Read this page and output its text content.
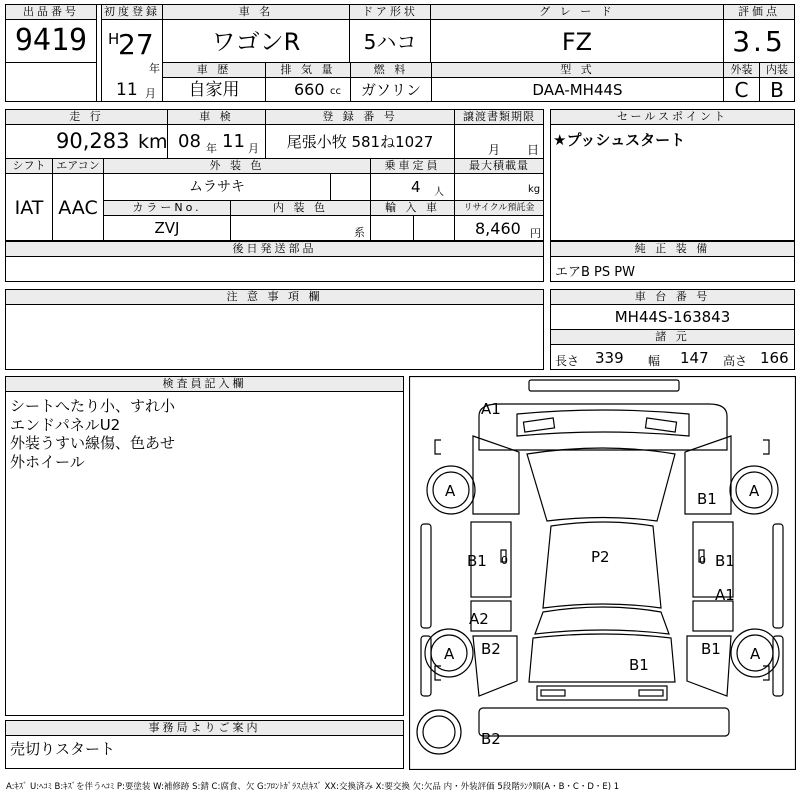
出品番号
9419
初度登録
H
27
年
11 月
車 名
ワゴンR
ドア形状
5ハコ
グ レ ー ド
FZ
評価点
3.5
車 歴
自家用
排 気 量
660 cc
燃 料
ガソリン
型 式
DAA-MH44S
外装	内装
C	B
走 行
90,283 km
車 検
08 年 11 月
登 録 番 号
尾張小牧 581ね1027
譲渡書類期限
月 日
シフト
IAT
エアコン
AAC
外 装 色
ムラサキ
乗車定員
4 人
最大積載量
kg
カラーNo.
ZVJ
内 装 色
系
輸 入 車	リサイクル預託金
8,460 円
セールスポイント
★プッシュスタート
後日発送部品	純 正 装 備
エアB PS PW
注 意 事 項 欄	車 台 番 号
MH44S-163843
諸 元
長さ 339 幅 147 高さ 166
検査員記入欄
シートへたり小、すれ小
エンドパネルU2
外装うすい線傷、色あせ
外ホイール
事務局よりご案内
売切りスタート
A1
A	A
B1
B1 0	P2	B1
0
A1
A2
A	A
B2	B1
B1
B2
A:ｷｽﾞ U:ﾍｺﾐ B:ｷｽﾞを伴うﾍｺﾐ P:要塗装 W:補修跡 S:錆 C:腐食、欠 G:ﾌﾛﾝﾄｶﾞﾗｽ点ｷｽﾞ XX:交換済み X:要交換 欠:欠品 内・外装評価 5段階ﾗﾝｸ順(A・B・C・D・E) 1
